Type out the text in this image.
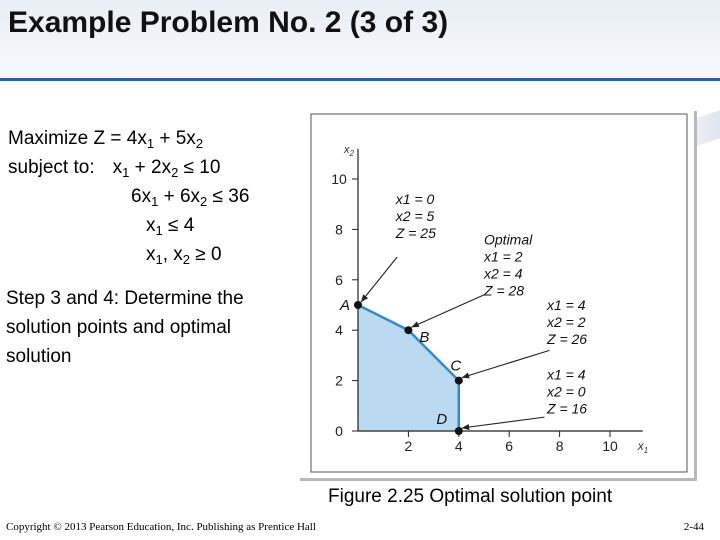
Example Problem No. 2 (3 of 3)
Maximize $Z = 4x_1 + 5x_2$
subject to: $x_1 + 2x_2 \le 10$
$6x_1 + 6x_2 \le 36$
$x_1 \le 4$
$x_1$, $x_2 \ge 0$
Step 3 and 4: Determine the solution points and optimal solution
$x_2$
$x_1$
0
2
4
6
8
10
2	4	6	8	10
A
x1 = 0
x2 = 5
Z = 25
B
Optimal
x1 = 2
x2 = 4
Z = 28
C
x1 = 4
x2 = 2
Z = 26
D
x1 = 4
x2 = 0
Z = 16
Figure 2.25 Optimal solution point
Copyright © 2013 Pearson Education, Inc. Publishing as Prentice Hall	2-44
